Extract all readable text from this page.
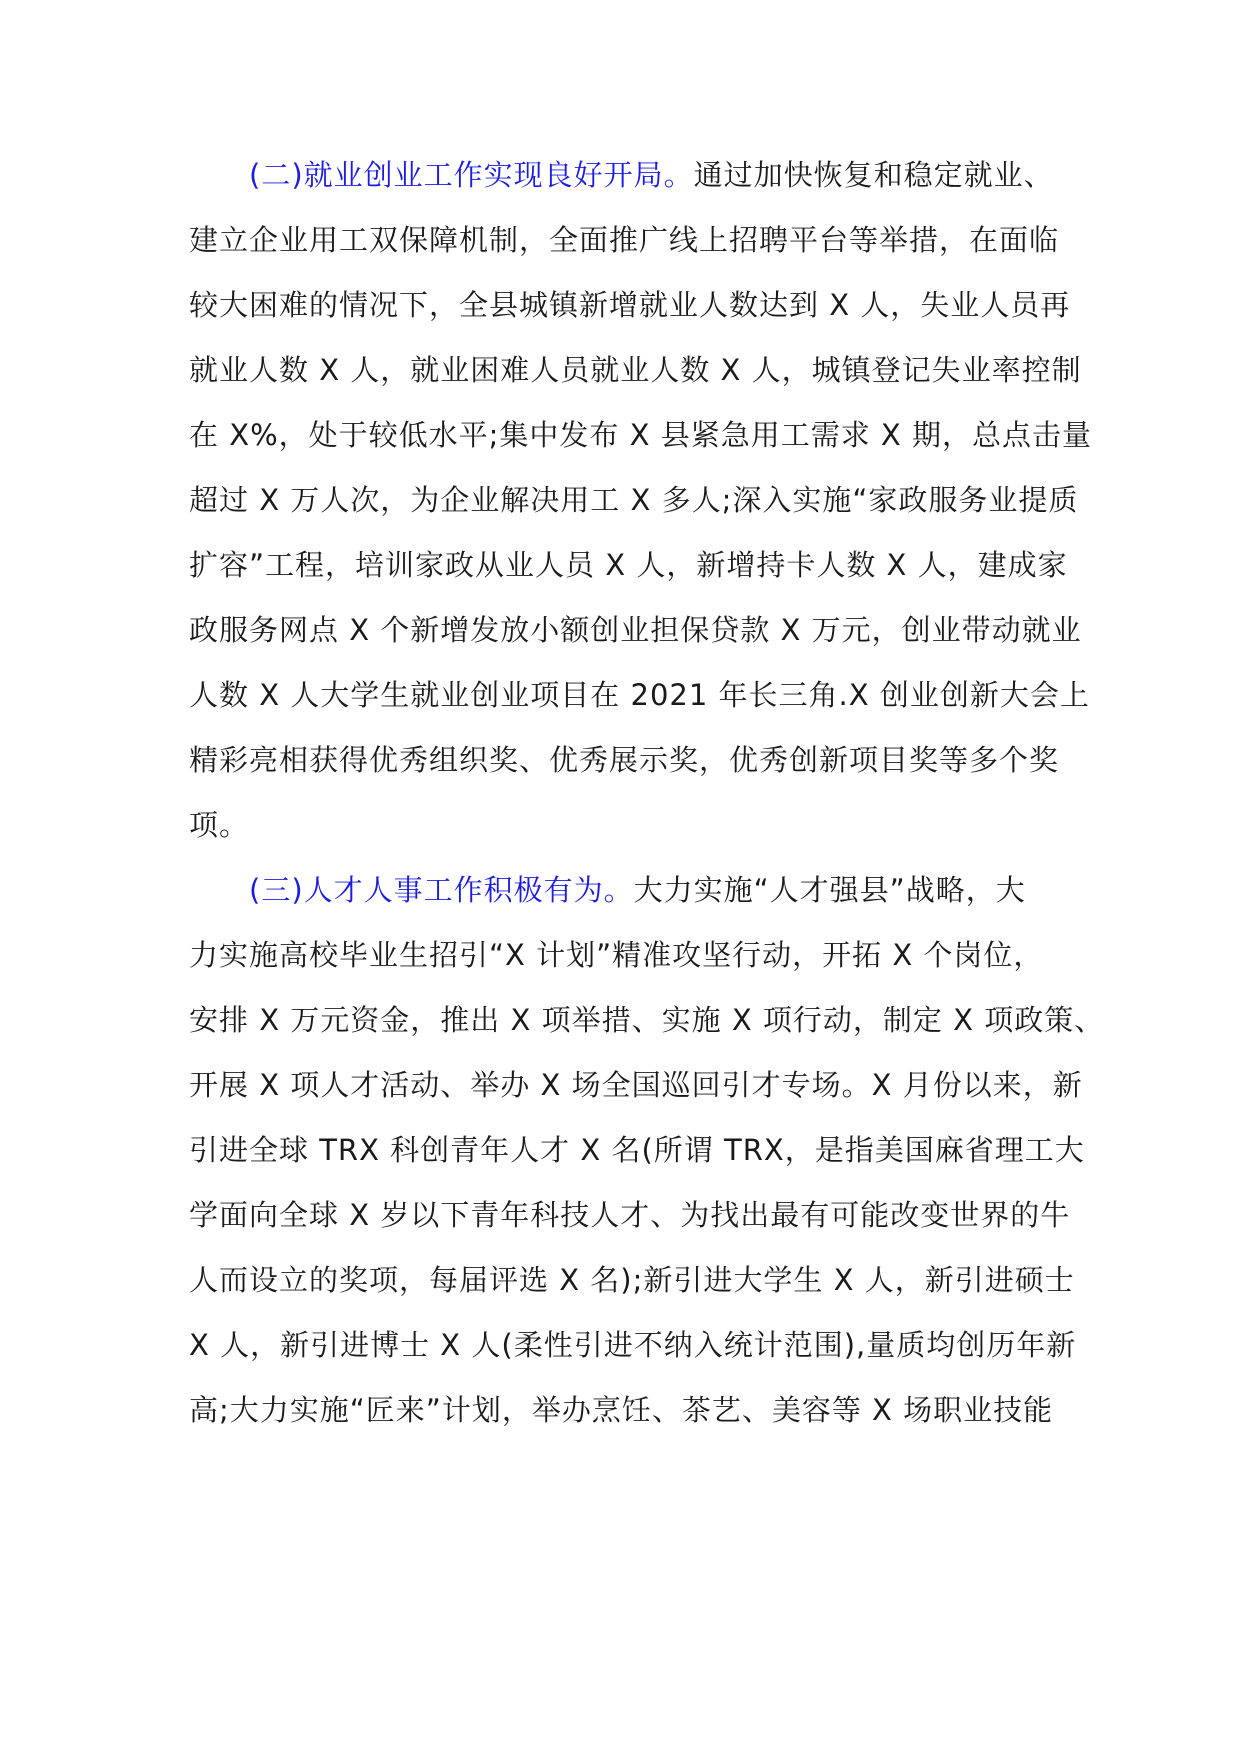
(二)就业创业工作实现良好开局。通过加快恢复和稳定就业、
建立企业用工双保障机制，全面推广线上招聘平台等举措，在面临
较大困难的情况下，全县城镇新增就业人数达到 X 人，失业人员再
就业人数 X 人，就业困难人员就业人数 X 人，城镇登记失业率控制
在 X%，处于较低水平;集中发布 X 县紧急用工需求 X 期，总点击量
超过 X 万人次，为企业解决用工 X 多人;深入实施“家政服务业提质
扩容”工程，培训家政从业人员 X 人，新增持卡人数 X 人，建成家
政服务网点 X 个新增发放小额创业担保贷款 X 万元，创业带动就业
人数 X 人大学生就业创业项目在 2021 年长三角.X 创业创新大会上
精彩亮相获得优秀组织奖、优秀展示奖，优秀创新项目奖等多个奖
项。
(三)人才人事工作积极有为。大力实施“人才强县”战略，大
力实施高校毕业生招引“X 计划”精准攻坚行动，开拓 X 个岗位，
安排 X 万元资金，推出 X 项举措、实施 X 项行动，制定 X 项政策、
开展 X 项人才活动、举办 X 场全国巡回引才专场。X 月份以来，新
引进全球 TRX 科创青年人才 X 名(所谓 TRX，是指美国麻省理工大
学面向全球 X 岁以下青年科技人才、为找出最有可能改变世界的牛
人而设立的奖项，每届评选 X 名);新引进大学生 X 人，新引进硕士
X 人，新引进博士 X 人(柔性引进不纳入统计范围),量质均创历年新
高;大力实施“匠来”计划，举办烹饪、茶艺、美容等 X 场职业技能
